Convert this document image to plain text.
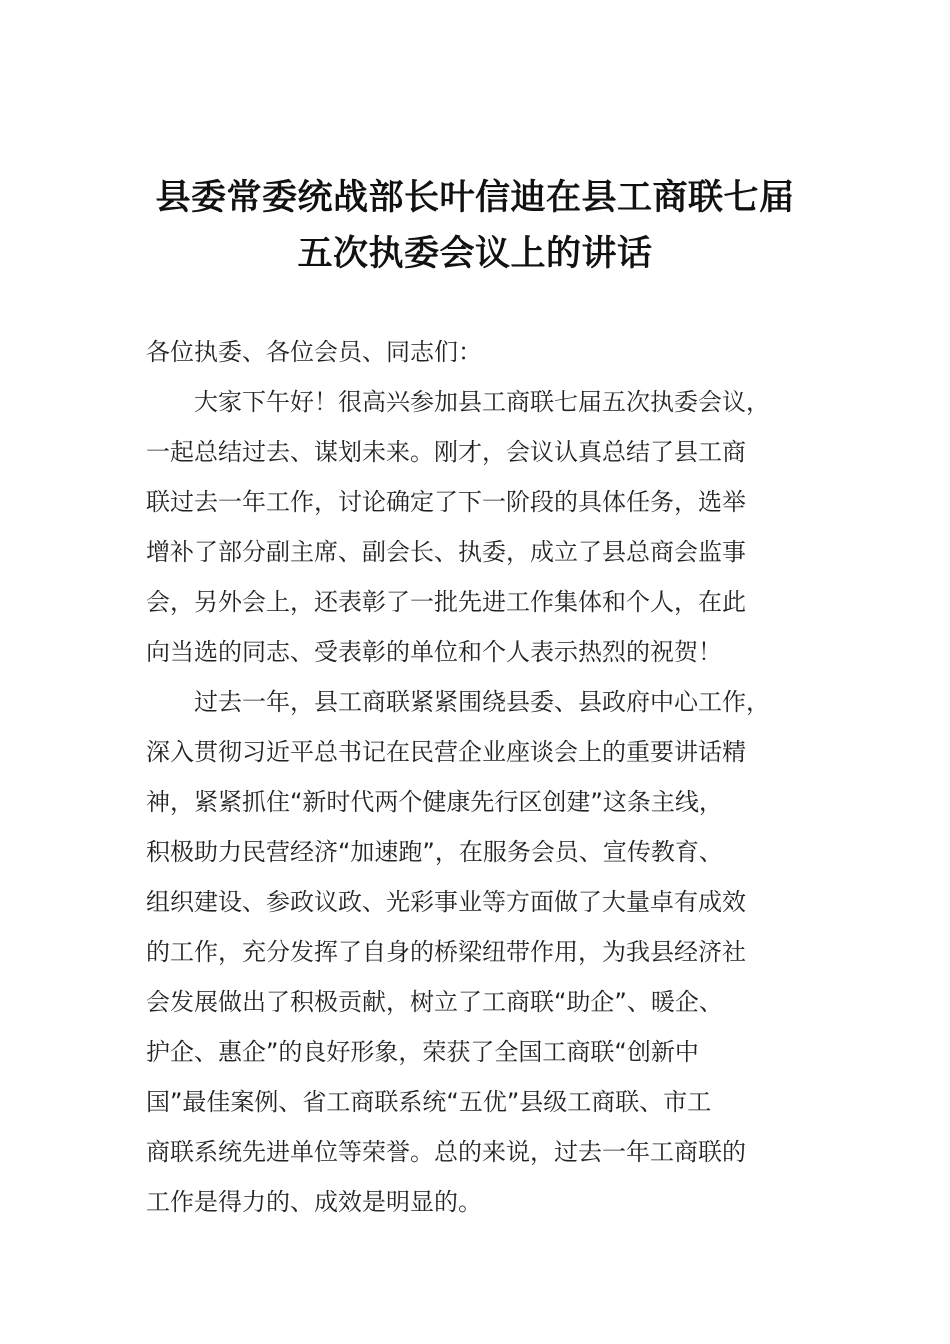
县委常委统战部长叶信迪在县工商联七届
五次执委会议上的讲话
各位执委、各位会员、同志们：
大家下午好！很高兴参加县工商联七届五次执委会议，
一起总结过去、谋划未来。刚才，会议认真总结了县工商
联过去一年工作，讨论确定了下一阶段的具体任务，选举
增补了部分副主席、副会长、执委，成立了县总商会监事
会，另外会上，还表彰了一批先进工作集体和个人，在此
向当选的同志、受表彰的单位和个人表示热烈的祝贺！
过去一年，县工商联紧紧围绕县委、县政府中心工作，
深入贯彻习近平总书记在民营企业座谈会上的重要讲话精
神，紧紧抓住“新时代两个健康先行区创建”这条主线，
积极助力民营经济“加速跑”，在服务会员、宣传教育、
组织建设、参政议政、光彩事业等方面做了大量卓有成效
的工作，充分发挥了自身的桥梁纽带作用，为我县经济社
会发展做出了积极贡献，树立了工商联“助企”、暖企、
护企、惠企”的良好形象，荣获了全国工商联“创新中
国”最佳案例、省工商联系统“五优”县级工商联、市工
商联系统先进单位等荣誉。总的来说，过去一年工商联的
工作是得力的、成效是明显的。
